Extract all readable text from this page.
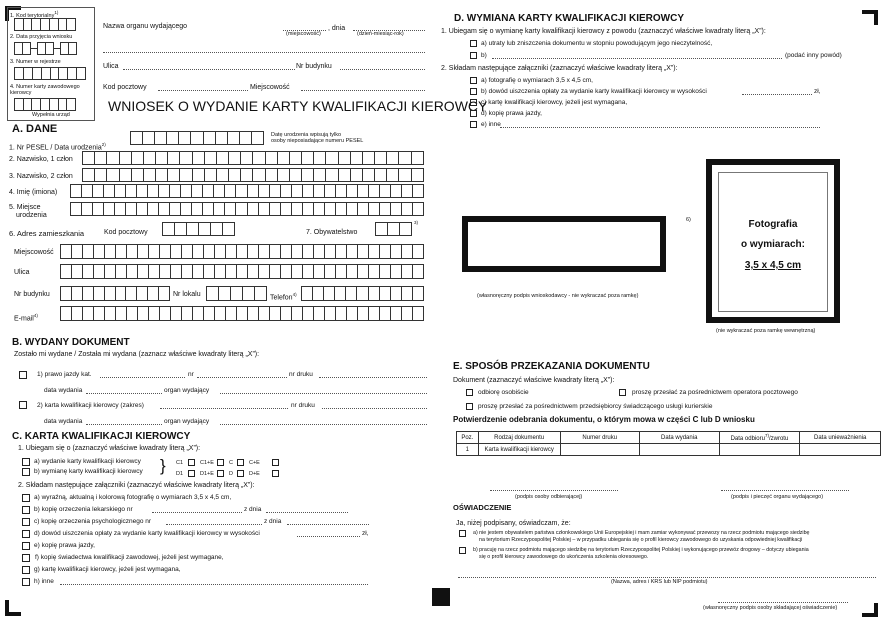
1. Kod terytorialny$^{1)}$
2. Data przyjęcia wniosku
3. Numer w rejestrze
4. Numer karty zawodowego kierowcy
Wypełnia urząd
Nazwa organu wydającego
(miejscowość)
, dnia
(dzień-miesiąc-rok)
Ulica	Nr budynku
Kod pocztowy	Miejscowość
WNIOSEK O WYDANIE KARTY KWALIFIKACJI KIEROWCY
A. DANE
1. Nr PESEL / Data urodzenia$^{2)}$
Datę urodzenia wpisują tylko
osoby nieposiadające numeru PESEL
2. Nazwisko, 1 człon
3. Nazwisko, 2 człon
4. Imię (imiona)
5. Miejsce
urodzenia
6. Adres zamieszkania	Kod pocztowy	7. Obywatelstwo
3)
Miejscowość
Ulica
Nr budynku	Nr lokalu	Telefon$^{4)}$
E-mail$^{4)}$
B. WYDANY DOKUMENT
Zostało mi wydane / Została mi wydana (zaznacz właściwe kwadraty literą „X”):
1) prawo jazdy kat.	nr	nr druku
data wydania	organ wydający
2) karta kwalifikacji kierowcy (zakres)	nr druku
data wydania	organ wydający
C. KARTA KWALIFIKACJI KIEROWCY
1. Ubiegam się o (zaznaczyć właściwe kwadraty literą „X”):
a) wydanie karty kwalifikacji kierowcy
b) wymianę karty kwalifikacji kierowcy } C1	C1+E	C	C+E
D1	D1+E	D	D+E
2. Składam następujące załączniki (zaznaczyć właściwe kwadraty literą „X”):
a) wyraźną, aktualną i kolorową fotografię o wymiarach 3,5 x 4,5 cm,
b) kopię orzeczenia lekarskiego nr	z dnia
c) kopię orzeczenia psychologicznego nr	z dnia
d) dowód uiszczenia opłaty za wydanie karty kwalifikacji kierowcy w wysokości	zł,
e) kopię prawa jazdy,
f) kopię świadectwa kwalifikacji zawodowej, jeżeli jest wymagane,
g) kartę kwalifikacji kierowcy, jeżeli jest wymagana,
h) inne
D. WYMIANA KARTY KWALIFIKACJI KIEROWCY
1. Ubiegam się o wymianę karty kwalifikacji kierowcy z powodu (zaznaczyć właściwe kwadraty literą „X”):
a) utraty lub zniszczenia dokumentu w stopniu powodującym jego nieczytelność,
b)	(podać inny powód)
2. Składam następujące załączniki (zaznaczyć właściwe kwadraty literą „X”):
a) fotografię o wymiarach 3,5 x 4,5 cm,
b) dowód uiszczenia opłaty za wydanie karty kwalifikacji kierowcy w wysokości	zł,
c) kartę kwalifikacji kierowcy, jeżeli jest wymagana,
d) kopię prawa jazdy,
e) inne
6)
(własnoręczny podpis wnioskodawcy - nie wykraczać poza ramkę)
Fotografia
o wymiarach:
3,5 x 4,5 cm
(nie wykraczać poza ramkę wewnętrzną)
E. SPOSÓB PRZEKAZANIA DOKUMENTU
Dokument (zaznaczyć właściwe kwadraty literą „X”):
odbiorę osobiście	proszę przesłać za pośrednictwem operatora pocztowego
proszę przesłać za pośrednictwem przedsiębiorcy świadczącego usługi kurierskie
Potwierdzenie odebrania dokumentu, o którym mowa w części C lub D wniosku
Poz.	Rodzaj dokumentu	Numer druku	Data wydania	Data odbioru$^{7)}$/zwrotu	Data unieważnienia
1	Karta kwalifikacji kierowcy				
(podpis osoby odbierającej)	(podpis i pieczęć organu wydającego)
OŚWIADCZENIE
Ja, niżej podpisany, oświadczam, że:
a) nie jestem obywatelem państwa członkowskiego Unii Europejskiej i mam zamiar wykonywać przewozy na rzecz podmiotu mającego siedzibę
na terytorium Rzeczypospolitej Polskiej – w przypadku ubiegania się o profil kierowcy zawodowego do uzyskania odpowiedniej kwalifikacji
b) pracuję na rzecz podmiotu mającego siedzibę na terytorium Rzeczypospolitej Polskiej i wykonującego przewóz drogowy – dotyczy ubiegania
się o profil kierowcy zawodowego do ukończenia szkolenia okresowego.
(Nazwa, adres i KRS lub NIP podmiotu)
(własnoręczny podpis osoby składającej oświadczenie)
